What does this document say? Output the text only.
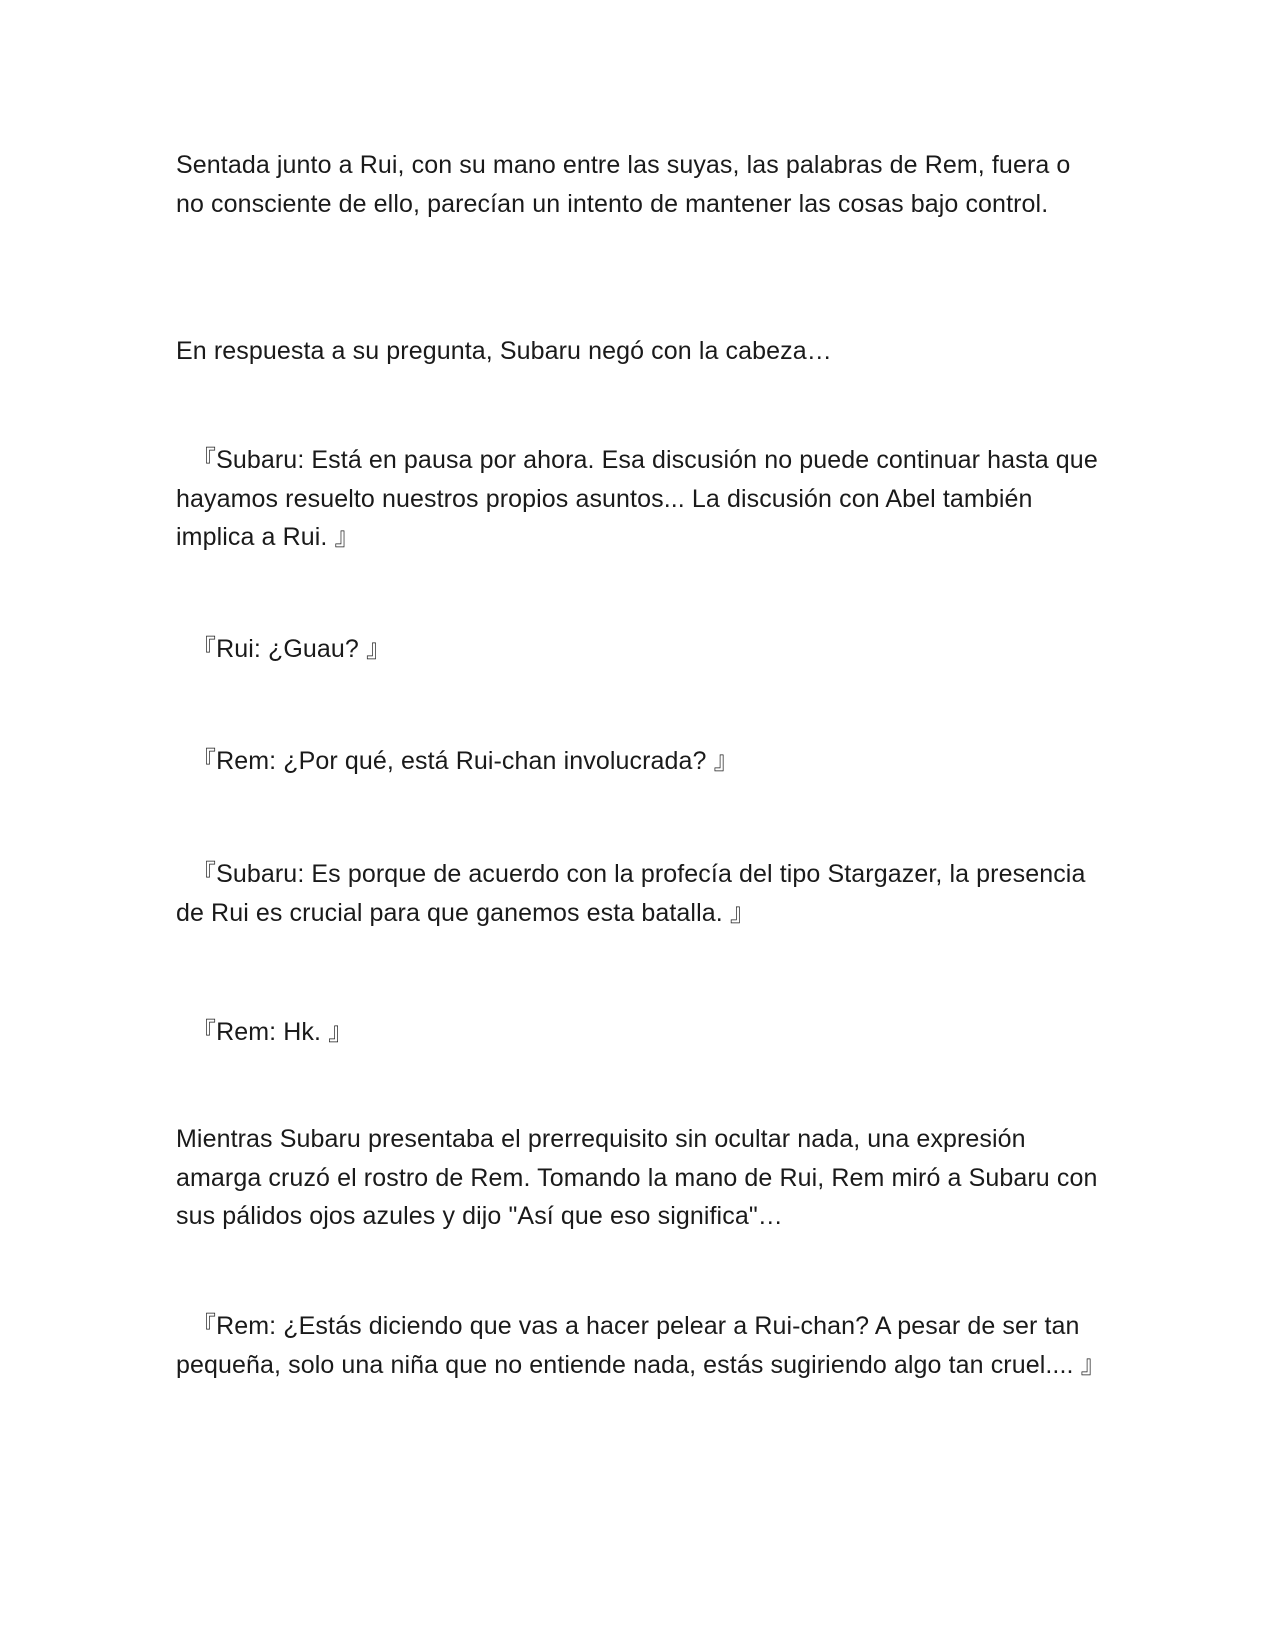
Sentada junto a Rui, con su mano entre las suyas, las palabras de Rem, fuera o no consciente de ello, parecían un intento de mantener las cosas bajo control.

En respuesta a su pregunta, Subaru negó con la cabeza…

『Subaru: Está en pausa por ahora. Esa discusión no puede continuar hasta que hayamos resuelto nuestros propios asuntos... La discusión con Abel también implica a Rui. 』

『Rui: ¿Guau? 』

『Rem: ¿Por qué, está Rui-chan involucrada? 』

『Subaru: Es porque de acuerdo con la profecía del tipo Stargazer, la presencia de Rui es crucial para que ganemos esta batalla. 』

『Rem: Hk. 』

Mientras Subaru presentaba el prerrequisito sin ocultar nada, una expresión amarga cruzó el rostro de Rem. Tomando la mano de Rui, Rem miró a Subaru con sus pálidos ojos azules y dijo "Así que eso significa"…

『Rem: ¿Estás diciendo que vas a hacer pelear a Rui-chan? A pesar de ser tan pequeña, solo una niña que no entiende nada, estás sugiriendo algo tan cruel.... 』
